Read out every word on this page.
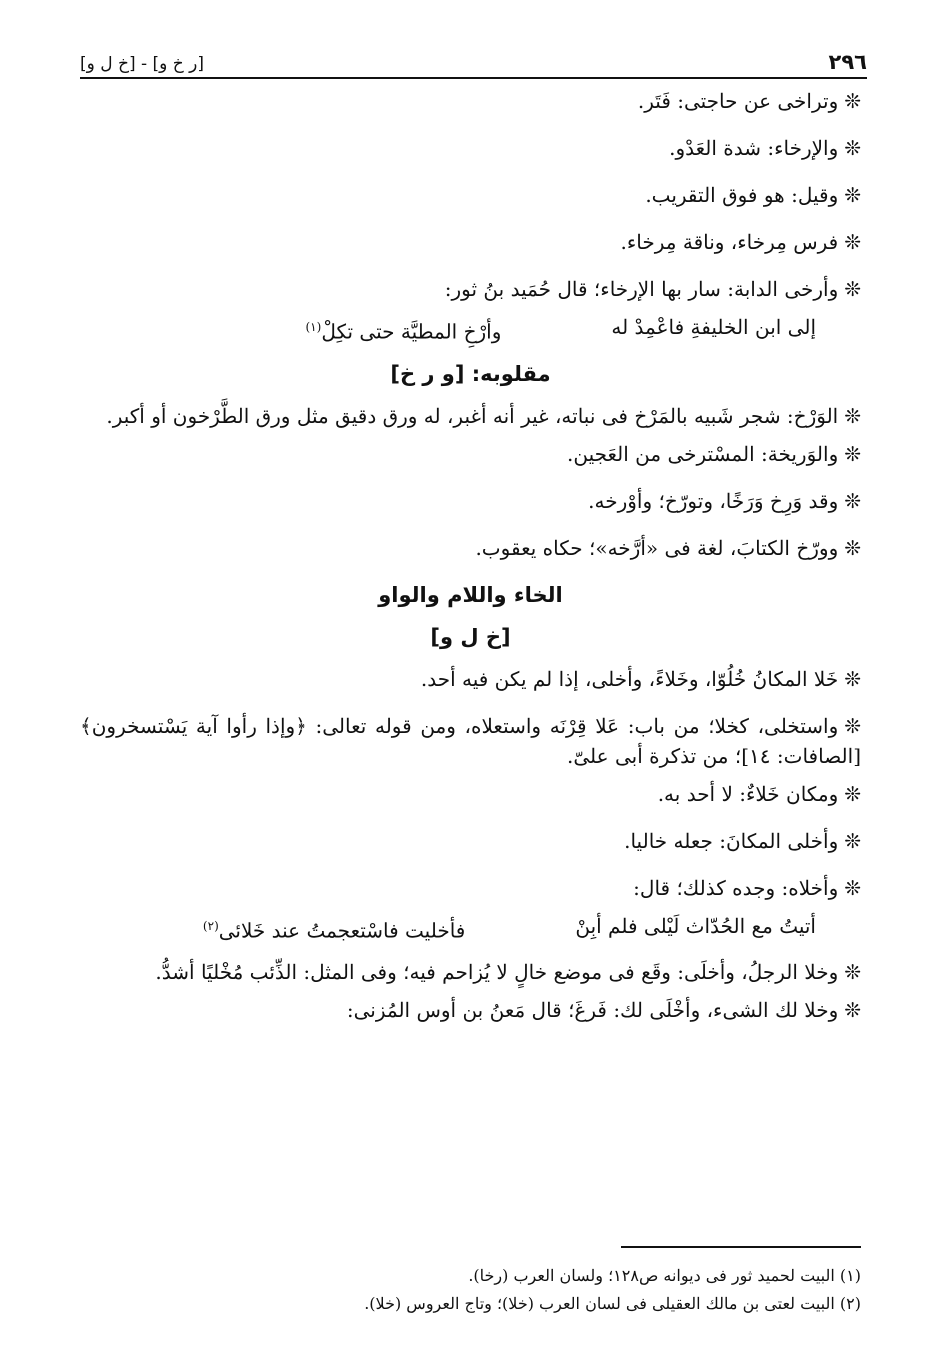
٢٩٦
[ر خ و] - [خ ل و]

❊وتراخى عن حاجتى: فَتَر.

❊والإرخاء: شدة العَدْو.

❊وقيل: هو فوق التقريب.

❊فرس مِرخاء، وناقة مِرخاء.

❊وأرخى الدابة: سار بها الإرخاء؛ قال حُمَيد بنُ ثور:

إلى ابن الخليفةِ فاعْمِدْ له
وأرْخِ المطيَّة حتى تكِلْ$^{(١)}$
مقلوبه: [و ر خ]

❊الوَرْخ: شجر شَبيه بالمَرْخ فى نباته، غير أنه أغبر، له ورق دقيق مثل ورق الطَّرْخون أو أكبر.

❊والوَريخة: المسْترخى من العَجين.

❊وقد وَرِخ وَرَخًا، وتورّخ؛ وأوْرخه.

❊وورّخ الكتابَ، لغة فى «أرَّخه»؛ حكاه يعقوب.

الخاء واللام والواو
[خ ل و]

❊خَلا المكانُ خُلُوّا، وخَلاءً، وأخلى، إذا لم يكن فيه أحد.

❊واستخلى، كخلا؛ من باب: عَلا قِرْنَه واستعلاه، ومن قوله تعالى: ﴿وإذا رأوا آية يَسْتسخرون﴾ [الصافات: ١٤]؛ من تذكرة أبى علىّ.

❊ومكان خَلاءٌ: لا أحد به.

❊وأخلى المكانَ: جعله خاليا.

❊وأخلاه: وجده كذلك؛ قال:

أتيتُ مع الحُدّاث لَيْلى فلم أبِنْ
فأخليت فاسْتعجمتُ عند خَلائى$^{(٢)}$

❊وخلا الرجلُ، وأخلَى: وقَع فى موضع خالٍ لا يُزاحم فيه؛ وفى المثل: الذِّئب مُخْليًا أشدُّ.

❊وخلا لك الشىء، وأخْلَى لك: فَرغَ؛ قال مَعنُ بن أوس المُزنى:

(١) البيت لحميد ثور فى ديوانه ص١٢٨؛ ولسان العرب (رخا).
(٢) البيت لعتى بن مالك العقيلى فى لسان العرب (خلا)؛ وتاج العروس (خلا).
